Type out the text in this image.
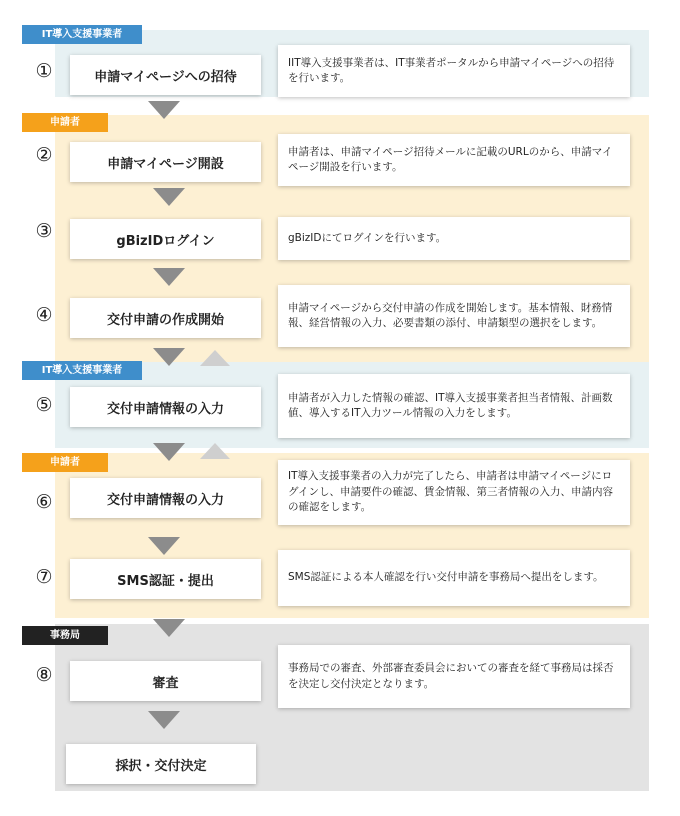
IT導入支援事業者
申請者
IT導入支援事業者
申請者
事務局
①	申請マイページへの招待
IIT導入支援事業者は、IT事業者ポータルから申請マイページへの招待を行います。
②	申請マイページ開設
申請者は、申請マイページ招待メールに記載のURLのから、申請マイページ開設を行います。
③	gBizIDログイン	gBizIDにてログインを行います。
④	交付申請の作成開始
申請マイページから交付申請の作成を開始します。基本情報、財務情報、経営情報の入力、必要書類の添付、申請類型の選択をします。
⑤	交付申請情報の入力
申請者が入力した情報の確認、IT導入支援事業者担当者情報、計画数値、導入するIT入力ツール情報の入力をします。
⑥	交付申請情報の入力
IT導入支援事業者の入力が完了したら、申請者は申請マイページにログインし、申請要件の確認、賃金情報、第三者情報の入力、申請内容の確認をします。
⑦	SMS認証・提出	SMS認証による本人確認を行い交付申請を事務局へ提出をします。
⑧	審査
事務局での審査、外部審査委員会においての審査を経て事務局は採否を決定し交付決定となります。
採択・交付決定
